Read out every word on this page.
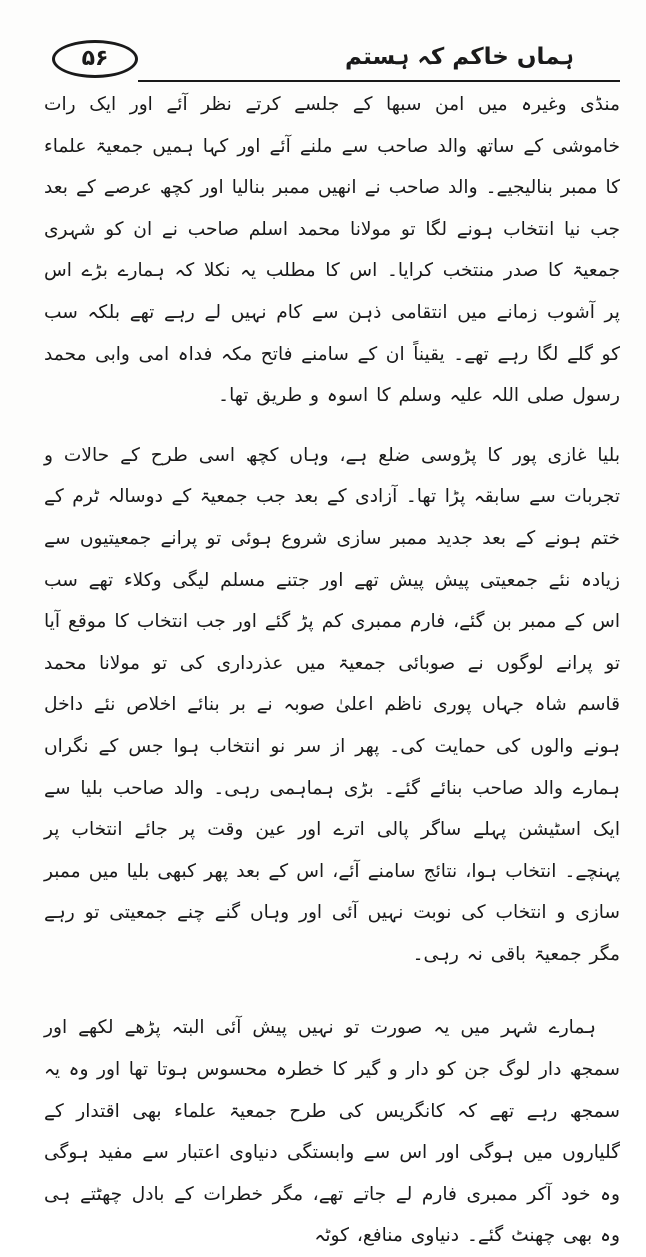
۵۶	ہماں خاکم کہ ہستم

منڈی وغیرہ میں امن سبھا کے جلسے کرتے نظر آئے اور ایک رات خاموشی کے ساتھ والد صاحب سے ملنے آئے اور کہا ہمیں جمعیۃ علماء کا ممبر بنالیجیے۔ والد صاحب نے انھیں ممبر بنالیا اور کچھ عرصے کے بعد جب نیا انتخاب ہونے لگا تو مولانا محمد اسلم صاحب نے ان کو شہری جمعیۃ کا صدر منتخب کرایا۔ اس کا مطلب یہ نکلا کہ ہمارے بڑے اس پر آشوب زمانے میں انتقامی ذہن سے کام نہیں لے رہے تھے بلکہ سب کو گلے لگا رہے تھے۔ یقیناً ان کے سامنے فاتح مکہ فداہ امی وابی محمد رسول صلی اللہ علیہ وسلم کا اسوہ و طریق تھا۔

بلیا غازی پور کا پڑوسی ضلع ہے، وہاں کچھ اسی طرح کے حالات و تجربات سے سابقہ پڑا تھا۔ آزادی کے بعد جب جمعیۃ کے دوسالہ ٹرم کے ختم ہونے کے بعد جدید ممبر سازی شروع ہوئی تو پرانے جمعیتیوں سے زیادہ نئے جمعیتی پیش پیش تھے اور جتنے مسلم لیگی وکلاء تھے سب اس کے ممبر بن گئے، فارم ممبری کم پڑ گئے اور جب انتخاب کا موقع آیا تو پرانے لوگوں نے صوبائی جمعیۃ میں عذرداری کی تو مولانا محمد قاسم شاہ جہاں پوری ناظم اعلیٰ صوبہ نے بر بنائے اخلاص نئے داخل ہونے والوں کی حمایت کی۔ پھر از سر نو انتخاب ہوا جس کے نگراں ہمارے والد صاحب بنائے گئے۔ بڑی ہماہمی رہی۔ والد صاحب بلیا سے ایک اسٹیشن پہلے ساگر پالی اترے اور عین وقت پر جائے انتخاب پر پہنچے۔ انتخاب ہوا، نتائج سامنے آئے، اس کے بعد پھر کبھی بلیا میں ممبر سازی و انتخاب کی نوبت نہیں آئی اور وہاں گنے چنے جمعیتی تو رہے مگر جمعیۃ باقی نہ رہی۔

ہمارے شہر میں یہ صورت تو نہیں پیش آئی البتہ پڑھے لکھے اور سمجھ دار لوگ جن کو دار و گیر کا خطرہ محسوس ہوتا تھا اور وہ یہ سمجھ رہے تھے کہ کانگریس کی طرح جمعیۃ علماء بھی اقتدار کے گلیاروں میں ہوگی اور اس سے وابستگی دنیاوی اعتبار سے مفید ہوگی وہ خود آکر ممبری فارم لے جاتے تھے، مگر خطرات کے بادل چھٹتے ہی وہ بھی چھنٹ گئے۔ دنیاوی منافع، کوٹہ
